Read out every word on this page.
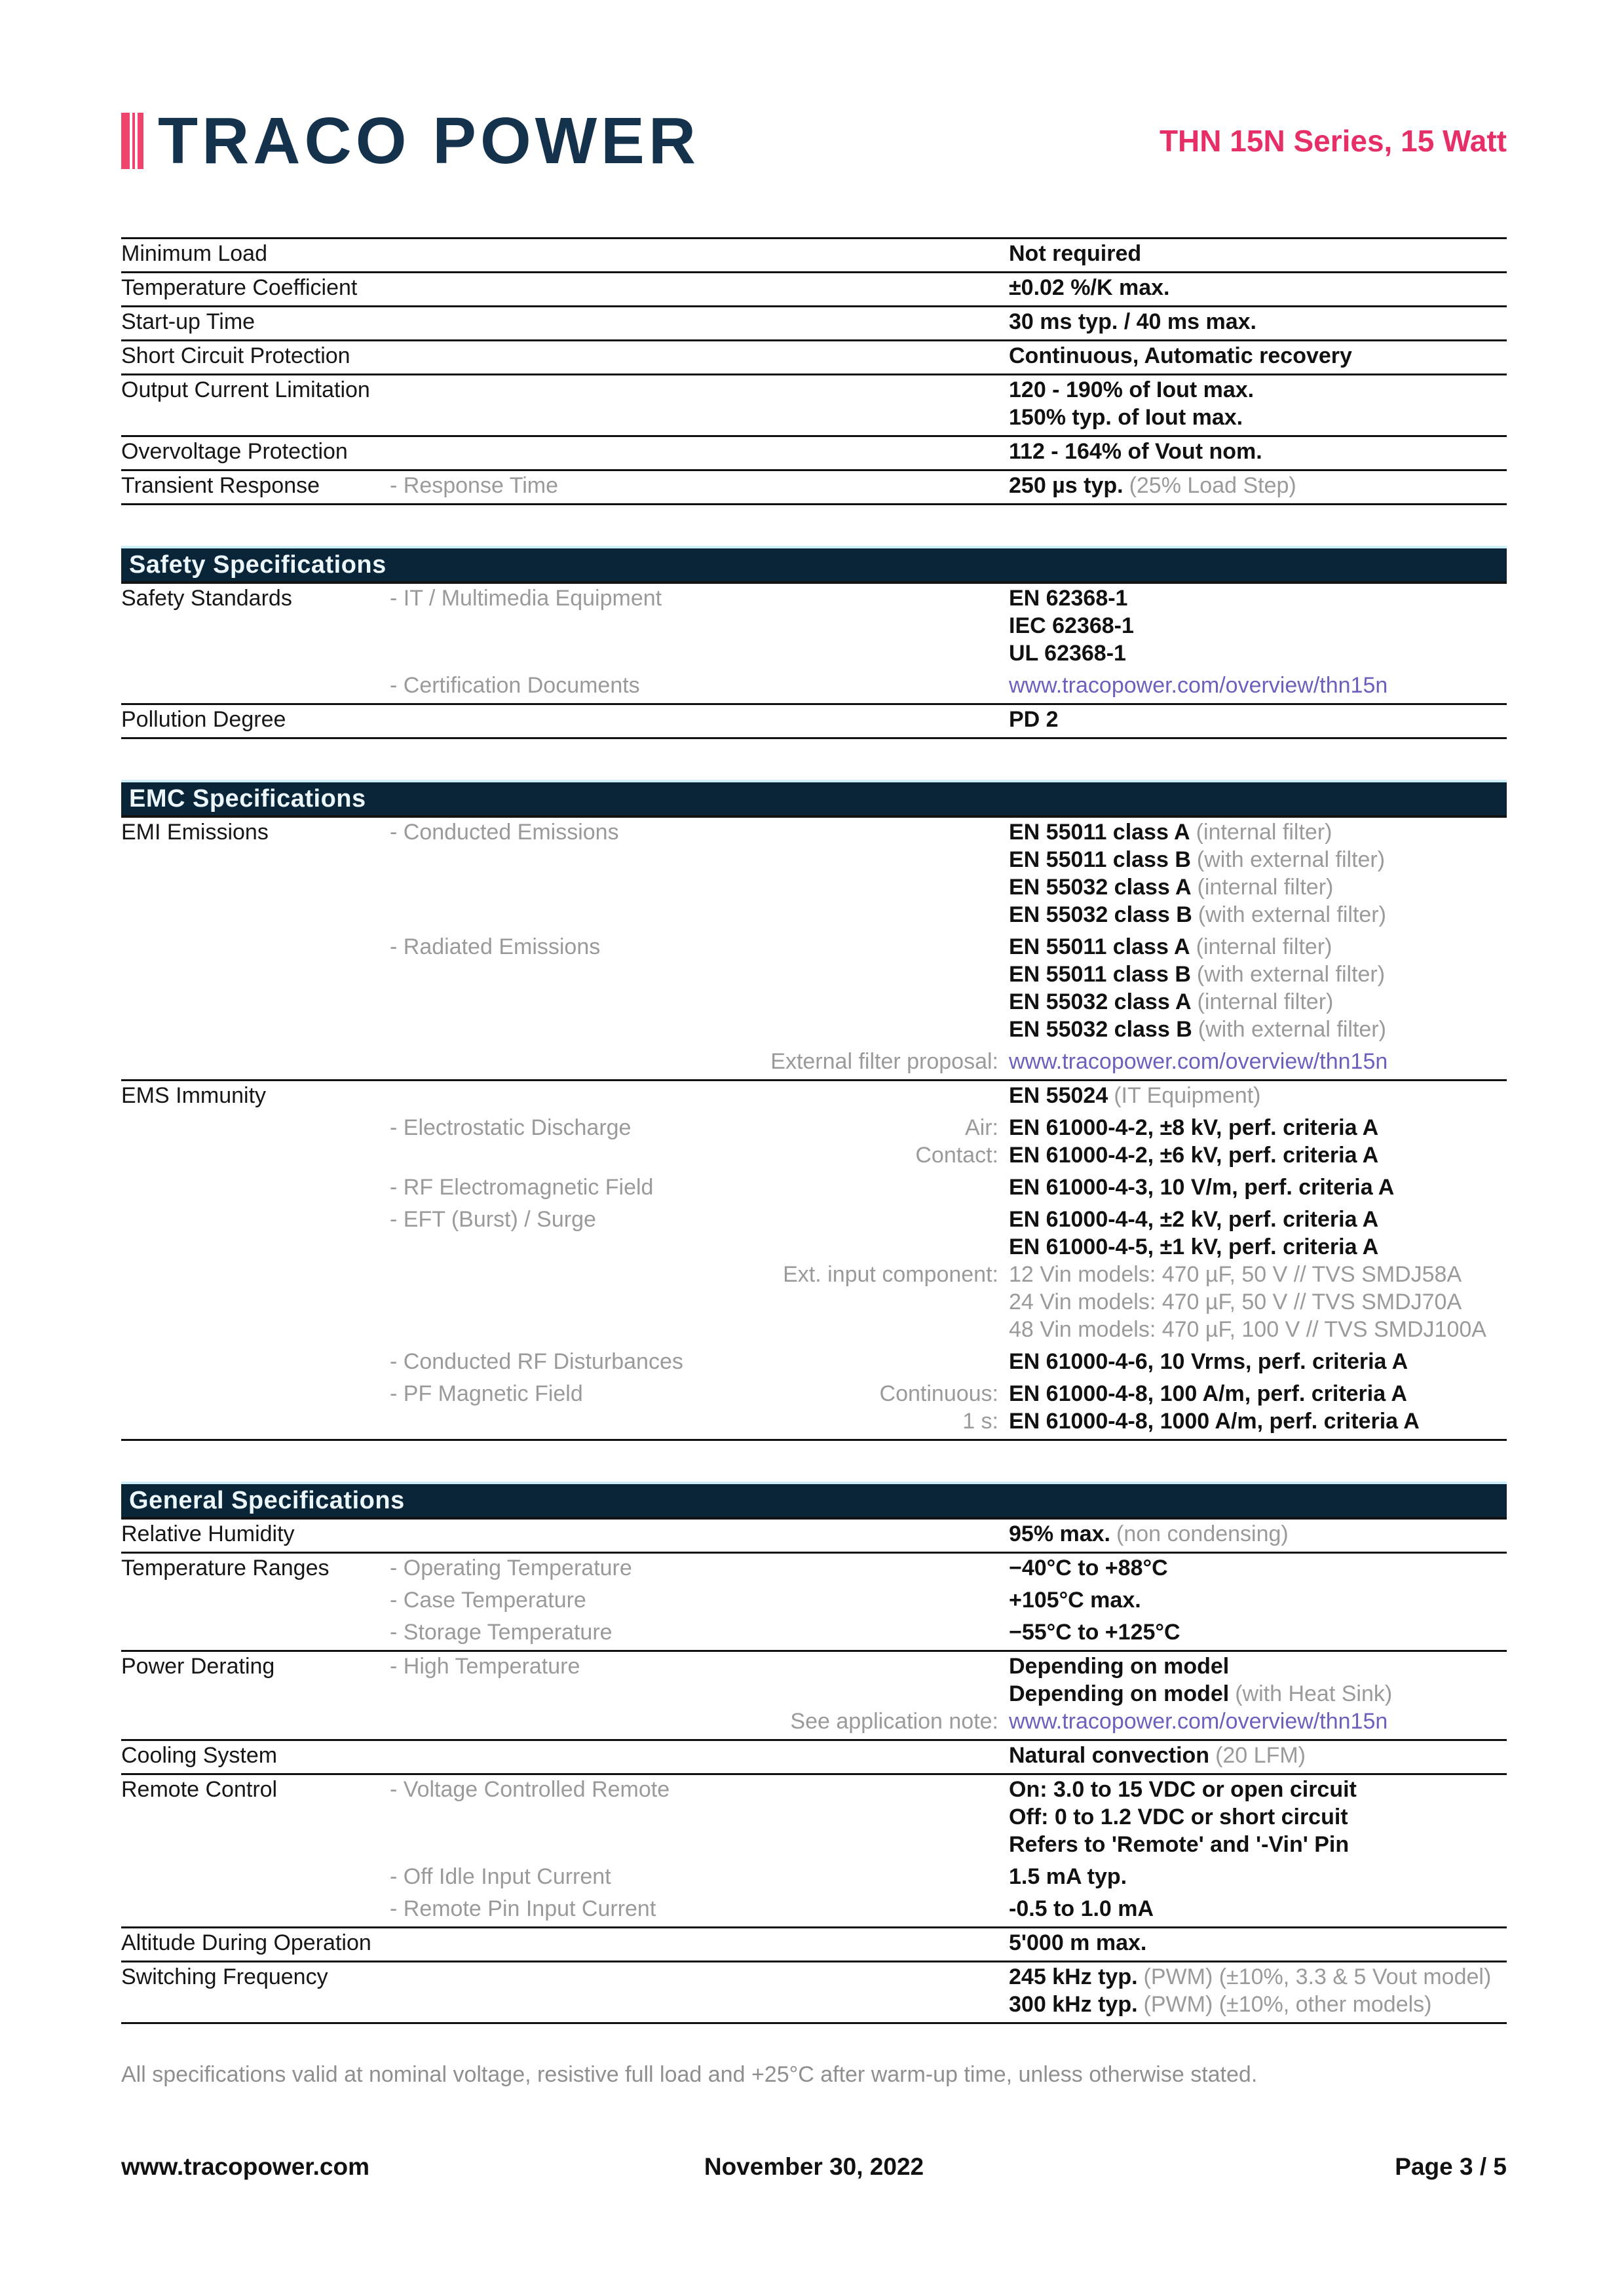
TRACO POWER	THN 15N Series, 15 Watt
Minimum Load	Not required
Temperature Coefficient	±0.02 %/K max.
Start-up Time	30 ms typ. / 40 ms max.
Short Circuit Protection	Continuous, Automatic recovery
Output Current Limitation	120 - 190% of Iout max.
150% typ. of Iout max.
Overvoltage Protection	112 - 164% of Vout nom.
Transient Response	- Response Time	250 µs typ. (25% Load Step)
Safety Specifications
Safety Standards	- IT / Multimedia Equipment	EN 62368-1
IEC 62368-1
UL 62368-1
- Certification Documents	www.tracopower.com/overview/thn15n
Pollution Degree	PD 2
EMC Specifications
EMI Emissions	- Conducted Emissions	EN 55011 class A (internal filter)
EN 55011 class B (with external filter)
EN 55032 class A (internal filter)
EN 55032 class B (with external filter)
- Radiated Emissions	EN 55011 class A (internal filter)
EN 55011 class B (with external filter)
EN 55032 class A (internal filter)
EN 55032 class B (with external filter)
External filter proposal: www.tracopower.com/overview/thn15n
EMS Immunity	EN 55024 (IT Equipment)
- Electrostatic Discharge	Air: EN 61000-4-2, ±8 kV, perf. criteria A
Contact: EN 61000-4-2, ±6 kV, perf. criteria A
- RF Electromagnetic Field	EN 61000-4-3, 10 V/m, perf. criteria A
- EFT (Burst) / Surge	EN 61000-4-4, ±2 kV, perf. criteria A
EN 61000-4-5, ±1 kV, perf. criteria A
Ext. input component: 12 Vin models: 470 µF, 50 V // TVS SMDJ58A
24 Vin models: 470 µF, 50 V // TVS SMDJ70A
48 Vin models: 470 µF, 100 V // TVS SMDJ100A
- Conducted RF Disturbances	EN 61000-4-6, 10 Vrms, perf. criteria A
- PF Magnetic Field	Continuous: EN 61000-4-8, 100 A/m, perf. criteria A
1 s: EN 61000-4-8, 1000 A/m, perf. criteria A
General Specifications
Relative Humidity	95% max. (non condensing)
Temperature Ranges	- Operating Temperature	−40°C to +88°C
- Case Temperature	+105°C max.
- Storage Temperature	−55°C to +125°C
Power Derating	- High Temperature	Depending on model
Depending on model (with Heat Sink)
See application note: www.tracopower.com/overview/thn15n
Cooling System	Natural convection (20 LFM)
Remote Control	- Voltage Controlled Remote	On: 3.0 to 15 VDC or open circuit
Off: 0 to 1.2 VDC or short circuit
Refers to 'Remote' and '-Vin' Pin
- Off Idle Input Current	1.5 mA typ.
- Remote Pin Input Current	-0.5 to 1.0 mA
Altitude During Operation	5'000 m max.
Switching Frequency	245 kHz typ. (PWM) (±10%, 3.3 & 5 Vout model)
300 kHz typ. (PWM) (±10%, other models)
All specifications valid at nominal voltage, resistive full load and +25°C after warm-up time, unless otherwise stated.
www.tracopower.com	November 30, 2022	Page 3 / 5
